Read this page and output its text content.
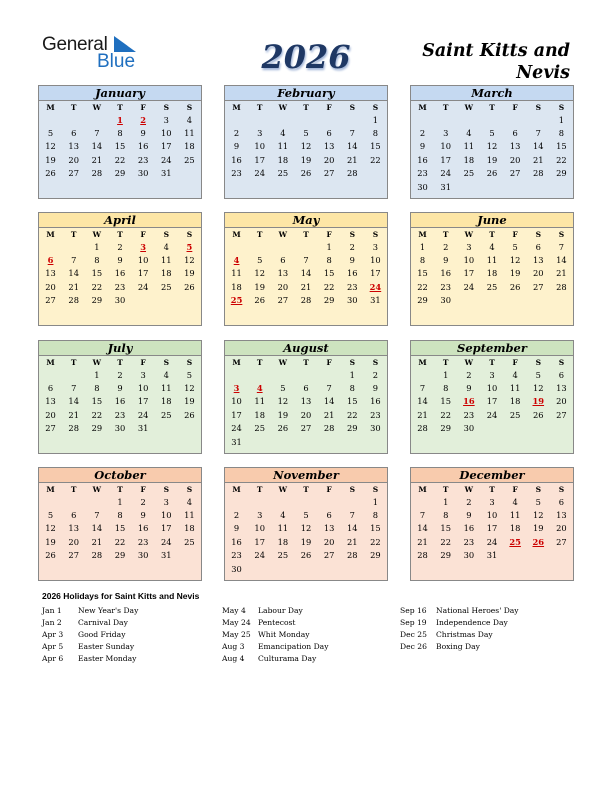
General
Blue	2026	Saint Kitts and
Nevis
January
M	T	W	T	F	S	S
			1	2	3	4
5	6	7	8	9	10	11
12	13	14	15	16	17	18
19	20	21	22	23	24	25
26	27	28	29	30	31	
February
M	T	W	T	F	S	S
						1
2	3	4	5	6	7	8
9	10	11	12	13	14	15
16	17	18	19	20	21	22
23	24	25	26	27	28	
March
M	T	W	T	F	S	S
						1
2	3	4	5	6	7	8
9	10	11	12	13	14	15
16	17	18	19	20	21	22
23	24	25	26	27	28	29
30	31					
April
M	T	W	T	F	S	S
		1	2	3	4	5
6	7	8	9	10	11	12
13	14	15	16	17	18	19
20	21	22	23	24	25	26
27	28	29	30			
May
M	T	W	T	F	S	S
				1	2	3
4	5	6	7	8	9	10
11	12	13	14	15	16	17
18	19	20	21	22	23	24
25	26	27	28	29	30	31
June
M	T	W	T	F	S	S
1	2	3	4	5	6	7
8	9	10	11	12	13	14
15	16	17	18	19	20	21
22	23	24	25	26	27	28
29	30					
July
M	T	W	T	F	S	S
		1	2	3	4	5
6	7	8	9	10	11	12
13	14	15	16	17	18	19
20	21	22	23	24	25	26
27	28	29	30	31		
August
M	T	W	T	F	S	S
					1	2
3	4	5	6	7	8	9
10	11	12	13	14	15	16
17	18	19	20	21	22	23
24	25	26	27	28	29	30
31						
September
M	T	W	T	F	S	S
	1	2	3	4	5	6
7	8	9	10	11	12	13
14	15	16	17	18	19	20
21	22	23	24	25	26	27
28	29	30				
October
M	T	W	T	F	S	S
			1	2	3	4
5	6	7	8	9	10	11
12	13	14	15	16	17	18
19	20	21	22	23	24	25
26	27	28	29	30	31	
November
M	T	W	T	F	S	S
						1
2	3	4	5	6	7	8
9	10	11	12	13	14	15
16	17	18	19	20	21	22
23	24	25	26	27	28	29
30						
December
M	T	W	T	F	S	S
	1	2	3	4	5	6
7	8	9	10	11	12	13
14	15	16	17	18	19	20
21	22	23	24	25	26	27
28	29	30	31			
2026 Holidays for Saint Kitts and Nevis
Jan 1 New Year's Day
Jan 2 Carnival Day
Apr 3 Good Friday
Apr 5 Easter Sunday
Apr 6 Easter Monday
May 4 Labour Day
May 24 Pentecost
May 25 Whit Monday
Aug 3 Emancipation Day
Aug 4 Culturama Day
Sep 16 National Heroes' Day
Sep 19 Independence Day
Dec 25 Christmas Day
Dec 26 Boxing Day
